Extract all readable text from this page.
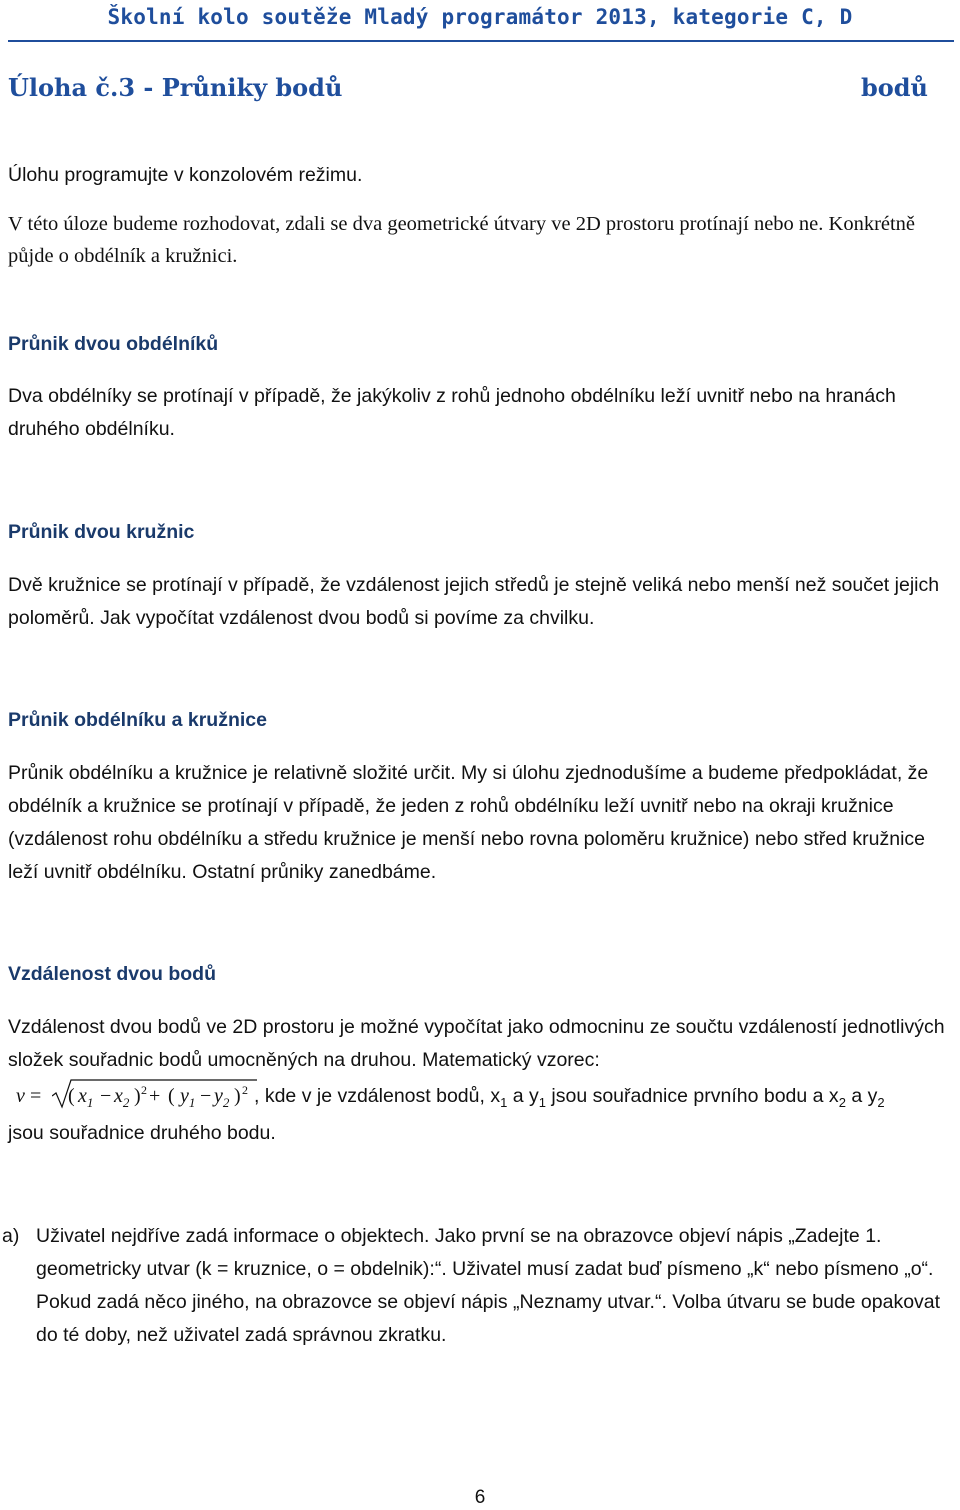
Školní kolo soutěže Mladý programátor 2013, kategorie C, D
Úloha č.3 - Průniky bodů	bodů
Úlohu programujte v konzolovém režimu.
V této úloze budeme rozhodovat, zdali se dva geometrické útvary ve 2D prostoru protínají nebo ne. Konkrétně půjde o obdélník a kružnici.
Průnik dvou obdélníků
Dva obdélníky se protínají v případě, že jakýkoliv z rohů jednoho obdélníku leží uvnitř nebo na hranách druhého obdélníku.
Průnik dvou kružnic
Dvě kružnice se protínají v případě, že vzdálenost jejich středů je stejně veliká nebo menší než součet jejich poloměrů. Jak vypočítat vzdálenost dvou bodů si povíme za chvilku.
Průnik obdélníku a kružnice
Průnik obdélníku a kružnice je relativně složité určit. My si úlohu zjednodušíme a budeme předpokládat, že obdélník a kružnice se protínají v případě, že jeden z rohů obdélníku leží uvnitř nebo na okraji kružnice (vzdálenost rohu obdélníku a středu kružnice je menší nebo rovna poloměru kružnice) nebo střed kružnice leží uvnitř obdélníku. Ostatní průniky zanedbáme.
Vzdálenost dvou bodů
Vzdálenost dvou bodů ve 2D prostoru je možné vypočítat jako odmocninu ze součtu vzdáleností jednotlivých složek souřadnic bodů umocněných na druhou. Matematický vzorec:
v = ( $x_1 - x_2$ ) 2 + ( $y_1 - y_2$ ) 2 , kde v je vzdálenost bodů, $x_1$ a $y_1$ jsou souřadnice prvního bodu a $x_2$ a $y_2$
jsou souřadnice druhého bodu.
a) Uživatel nejdříve zadá informace o objektech. Jako první se na obrazovce objeví nápis „Zadejte 1. geometricky utvar (k = kruznice, o = obdelnik):“. Uživatel musí zadat buď písmeno „k“ nebo písmeno „o“. Pokud zadá něco jiného, na obrazovce se objeví nápis „Neznamy utvar.“. Volba útvaru se bude opakovat do té doby, než uživatel zadá správnou zkratku.
6
